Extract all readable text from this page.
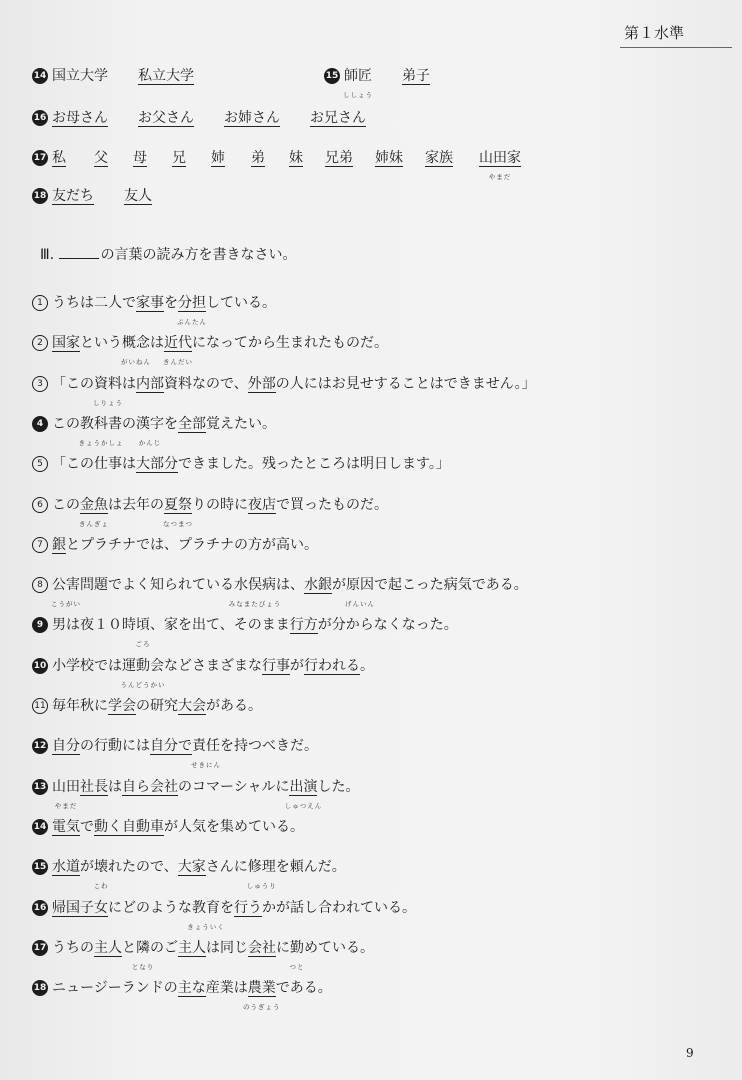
第１水準
14 国立大学 私立大学	15 師匠
ししょう
弟子
16 お母さん お父さん お姉さん お兄さん
17 私 父 母 兄 姉 弟 妹 兄弟 姉妹 家族 山田家
やまだ
18 友だち 友人
Ⅲ.	の言葉の読み方を書きなさい。
1 うちは二人で家事を分担
ぶんたん
している。
2 国家という概念
がいねん
は近代
きんだい
になってから生まれたものだ。
3 「この資料
しりょう
は内部資料なので、外部の人にはお見せすることはできません。」
4 この教科書
きょうかしょ
の漢字
かんじ
を全部覚えたい。
5 「この仕事は大部分できました。残ったところは明日します。」
6 この金魚
きんぎょ
は去年の夏祭
なつまつ
りの時に夜店で買ったものだ。
7 銀とプラチナでは、プラチナの方が高い。
8 公害
こうがい
問題でよく知られている水俣病
みなまたびょう
は、水銀が原因
げんいん
で起こった病気である。
9 男は夜１０時頃
ごろ
、家を出て、そのまま行方が分からなくなった。
10 小学校では運動会
うんどうかい
などさまざまな行事が行われる。
11 毎年秋に学会の研究大会がある。
12 自分の行動には自分で責任
せきにん
を持つべきだ。
13 山田
やまだ
社長は自ら会社のコマーシャルに出演
しゅつえん
した。
14 電気で動く自動車が人気を集めている。
15 水道が壊
こわ
れたので、大家さんに修理
しゅうり
を頼んだ。
16 帰国子女にどのような教育
きょういく
を行うかが話し合われている。
17 うちの主人と隣
となり
のご主人は同じ会社に勤
つと
めている。
18 ニュージーランドの主な産業は農業
のうぎょう
である。
9
